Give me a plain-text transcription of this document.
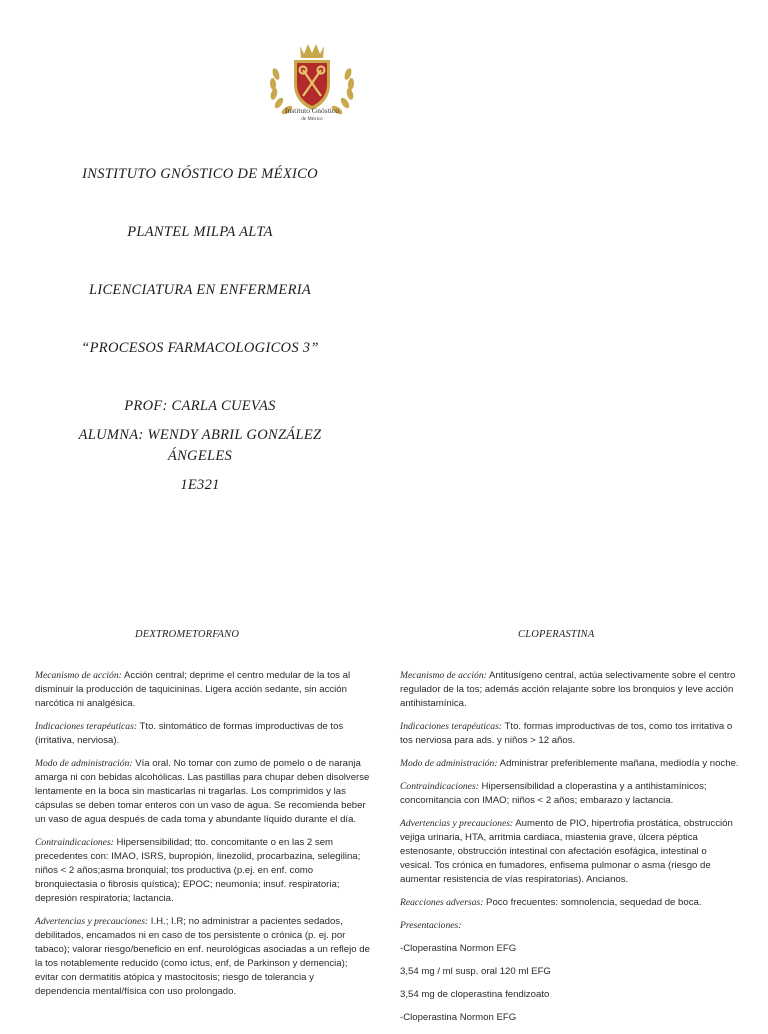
Instituto Gnóstico
de México
INSTITUTO GNÓSTICO DE MÉXICO
PLANTEL MILPA ALTA
LICENCIATURA EN ENFERMERIA
“PROCESOS FARMACOLOGICOS 3”
PROF: CARLA CUEVAS
ALUMNA: WENDY ABRIL GONZÁLEZ
ÁNGELES
1E321
DEXTROMETORFANO

Mecanismo de acción: Acción central; deprime el centro medular de la tos al disminuir la producción de taquicininas. Ligera acción sedante, sin acción narcótica ni analgésica.

Indicaciones terapéuticas: Tto. sintomático de formas improductivas de tos (irritativa, nerviosa).

Modo de administración: Vía oral. No tomar con zumo de pomelo o de naranja amarga ni con bebidas alcohólicas. Las pastillas para chupar deben disolverse lentamente en la boca sin masticarlas ni tragarlas. Los comprimidos y las cápsulas se deben tomar enteros con un vaso de agua. Se recomienda beber un vaso de agua después de cada toma y abundante líquido durante el día.

Contraindicaciones: Hipersensibilidad; tto. concomitante o en las 2 sem precedentes con: IMAO, ISRS, bupropión, linezolid, procarbazina, selegilina; niños < 2 años;asma bronquial; tos productiva (p.ej. en enf. como bronquiectasia o fibrosis quística); EPOC; neumonía; insuf. respiratoria; depresión respiratoria; lactancia.

Advertencias y precauciones: I.H.; I.R; no administrar a pacientes sedados, debilitados, encamados ni en caso de tos persistente o crónica (p. ej. por tabaco); valorar riesgo/beneficio en enf. neurológicas asociadas a un reflejo de la tos notablemente reducido (como ictus, enf, de Parkinson y demencia); evitar con dermatitis atópica y mastocitosis; riesgo de tolerancia y dependencia mental/física con uso prolongado.

CLOPERASTINA

Mecanismo de acción: Antitusígeno central, actúa selectivamente sobre el centro regulador de la tos; además acción relajante sobre los bronquios y leve acción antihistamínica.

Indicaciones terapéuticas: Tto. formas improductivas de tos, como tos irritativa o tos nerviosa para ads. y niños > 12 años.

Modo de administración: Administrar preferiblemente mañana, mediodía y noche.

Contraindicaciones: Hipersensibilidad a cloperastina y a antihistamínicos; concomitancia con IMAO; niños < 2 años; embarazo y lactancia.

Advertencias y precauciones: Aumento de PIO, hipertrofia prostática, obstrucción vejiga urinaria, HTA, arritmia cardiaca, miastenia grave, úlcera péptica estenosante, obstrucción intestinal con afectación esofágica, intestinal o vesical. Tos crónica en fumadores, enfisema pulmonar o asma (riesgo de aumentar resistencia de vías respiratorias). Ancianos.

Reacciones adversas: Poco frecuentes: somnolencia, sequedad de boca.

Presentaciones:

-Cloperastina Normon EFG

3,54 mg / ml susp. oral 120 ml EFG

3,54 mg de cloperastina fendizoato

-Cloperastina Normon EFG
